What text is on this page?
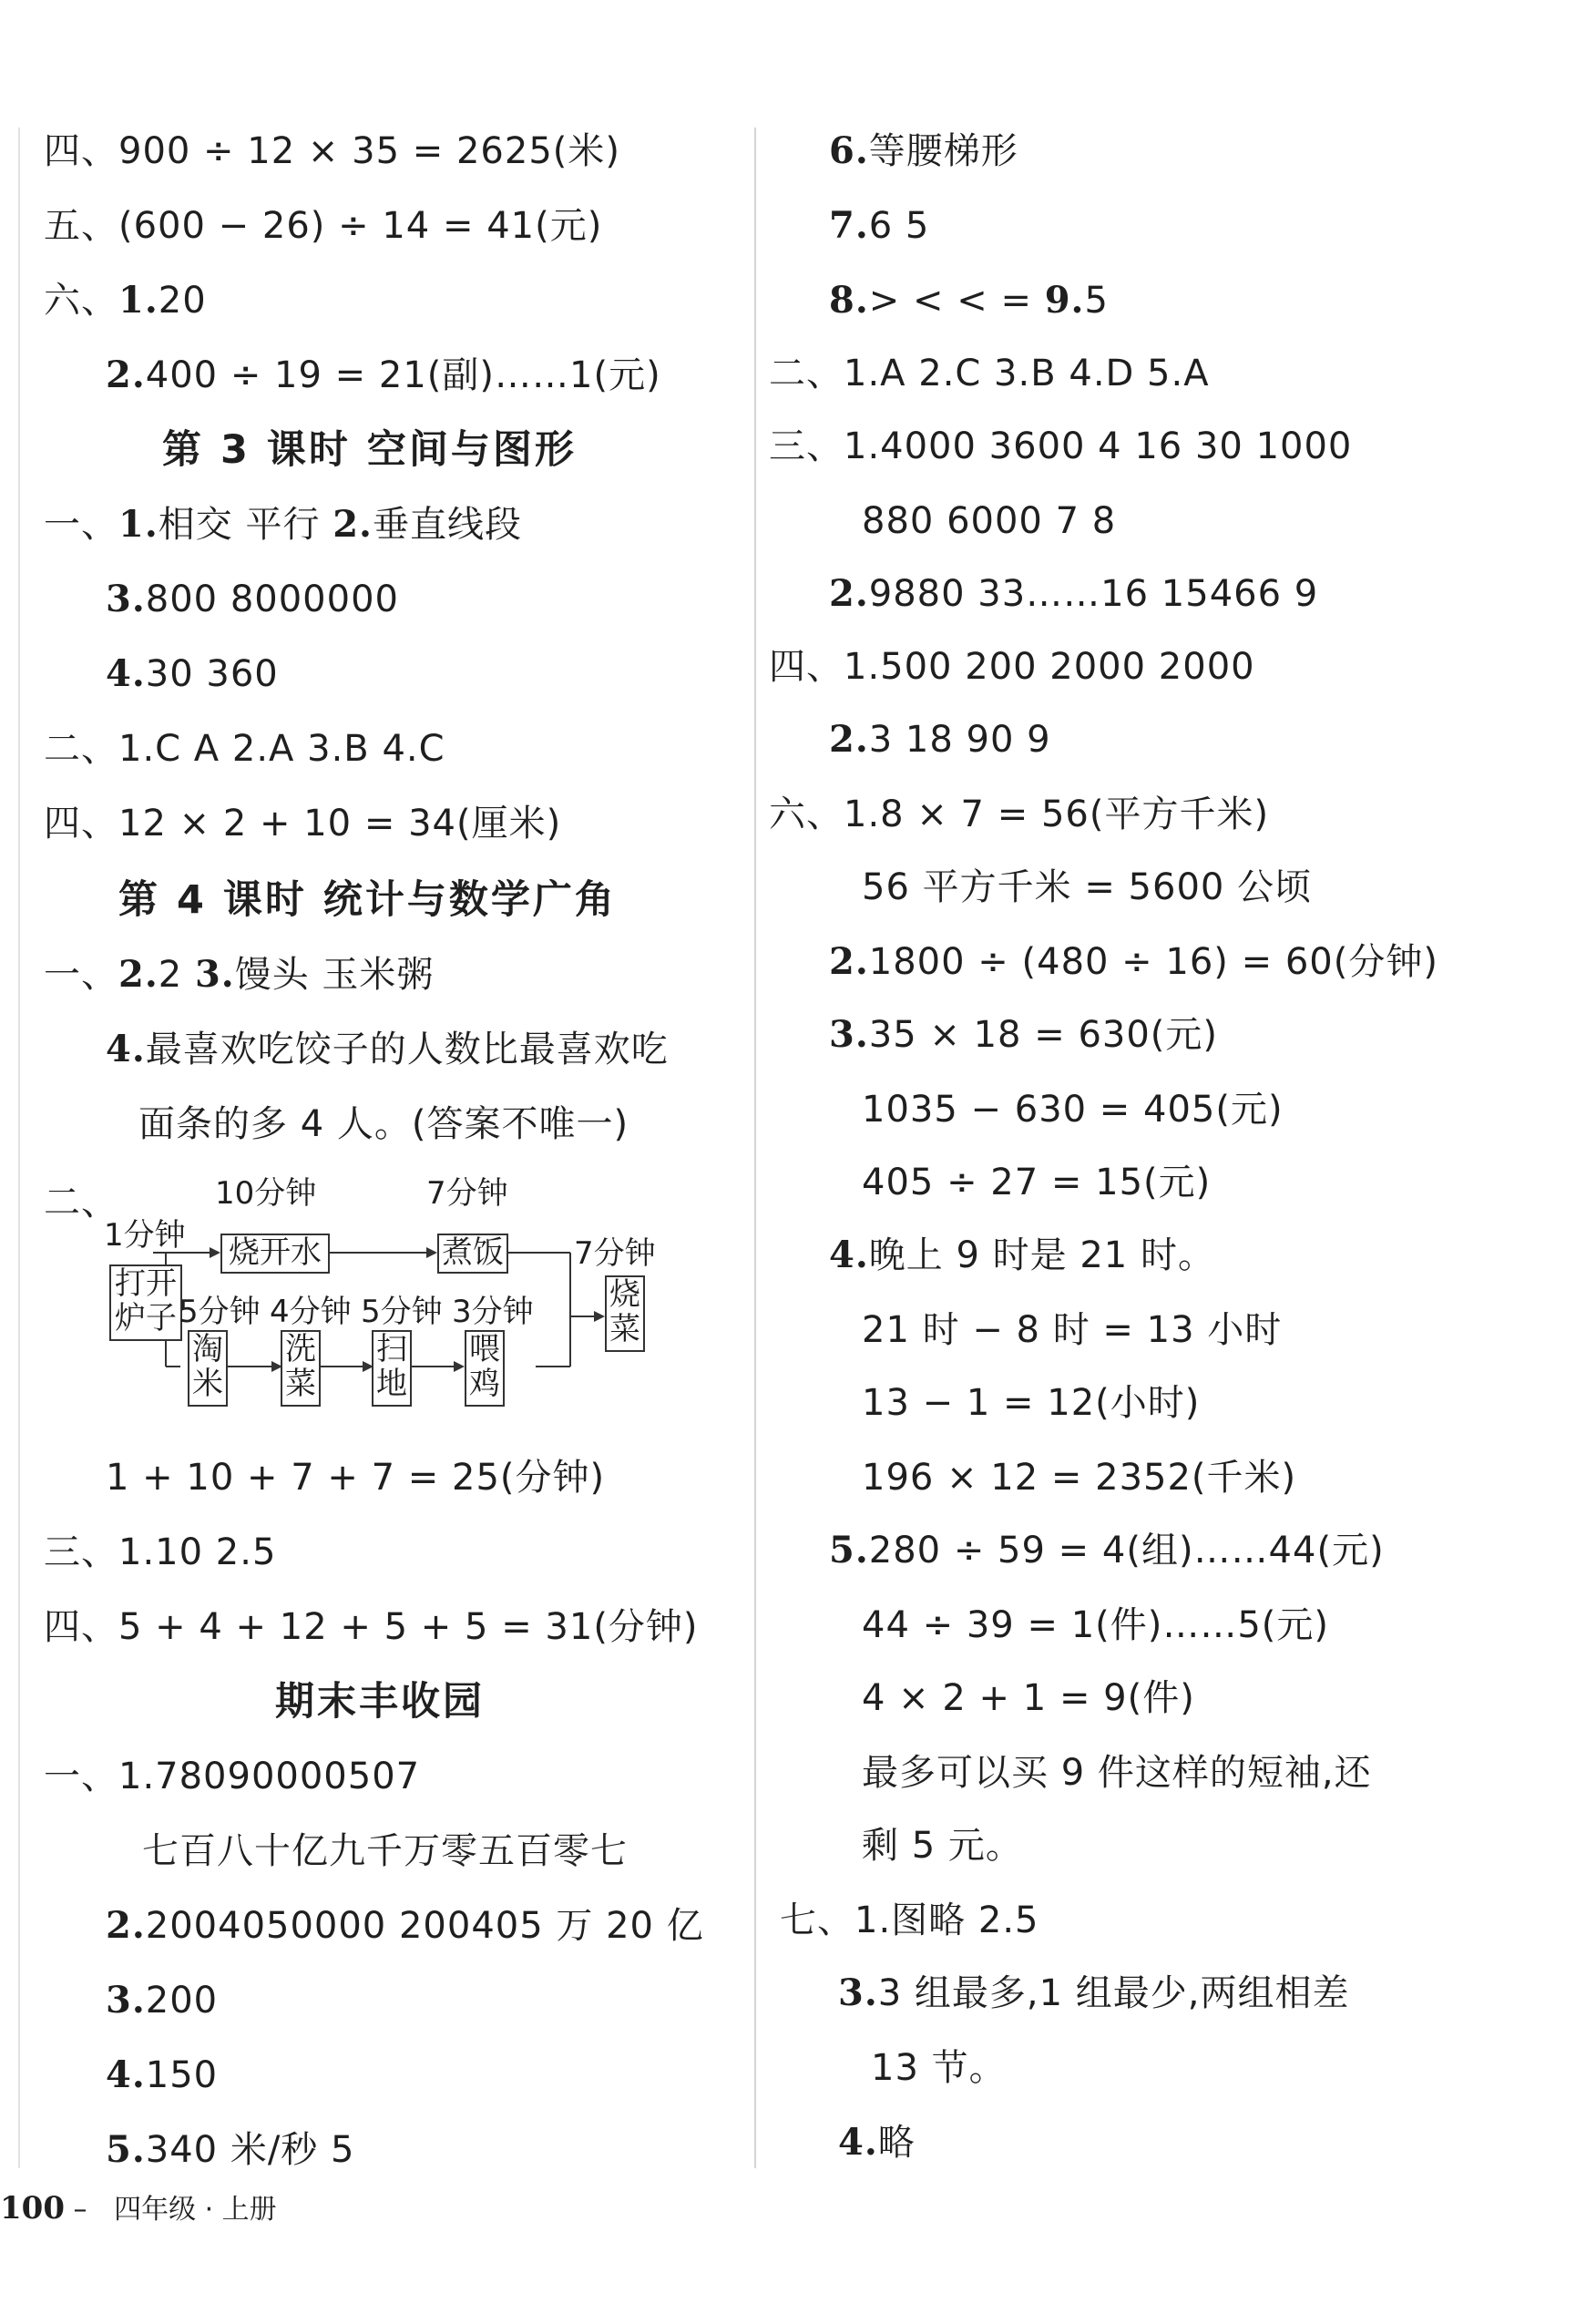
四、900 ÷ 12 × 35 = 2625(米)
五、(600 − 26) ÷ 14 = 41(元)
六、1.20
2.400 ÷ 19 = 21(副)……1(元)
第 3 课时 空间与图形
一、1.相交 平行 2.垂直线段
3.800 8000000
4.30 360
二、1.C A 2.A 3.B 4.C
四、12 × 2 + 10 = 34(厘米)
第 4 课时 统计与数学广角
一、2.2 3.馒头 玉米粥
4.最喜欢吃饺子的人数比最喜欢吃
面条的多 4 人。(答案不唯一)
二、	10分钟	7分钟
1分钟 烧开水	煮饭 7分钟
打开炉子
烧菜
5分钟 4分钟 5分钟 3分钟
淘米
洗菜
扫地
喂鸡
1 + 10 + 7 + 7 = 25(分钟)
三、1.10 2.5
四、5 + 4 + 12 + 5 + 5 = 31(分钟)
期末丰收园
一、1.78090000507
七百八十亿九千万零五百零七
2.2004050000 200405 万 20 亿
3.200
4.150
5.340 米/秒 5
6.等腰梯形
7.6 5
8.> < < = 9.5
二、1.A 2.C 3.B 4.D 5.A
三、1.4000 3600 4 16 30 1000
880 6000 7 8
2.9880 33……16 15466 9
四、1.500 200 2000 2000
2.3 18 90 9
六、1.8 × 7 = 56(平方千米)
56 平方千米 = 5600 公顷
2.1800 ÷ (480 ÷ 16) = 60(分钟)
3.35 × 18 = 630(元)
1035 − 630 = 405(元)
405 ÷ 27 = 15(元)
4.晚上 9 时是 21 时。
21 时 − 8 时 = 13 小时
13 − 1 = 12(小时)
196 × 12 = 2352(千米)
5.280 ÷ 59 = 4(组)……44(元)
44 ÷ 39 = 1(件)……5(元)
4 × 2 + 1 = 9(件)
最多可以买 9 件这样的短袖,还
剩 5 元。
七、1.图略 2.5
3.3 组最多,1 组最少,两组相差
13 节。
4.略
100 – 四年级 · 上册
